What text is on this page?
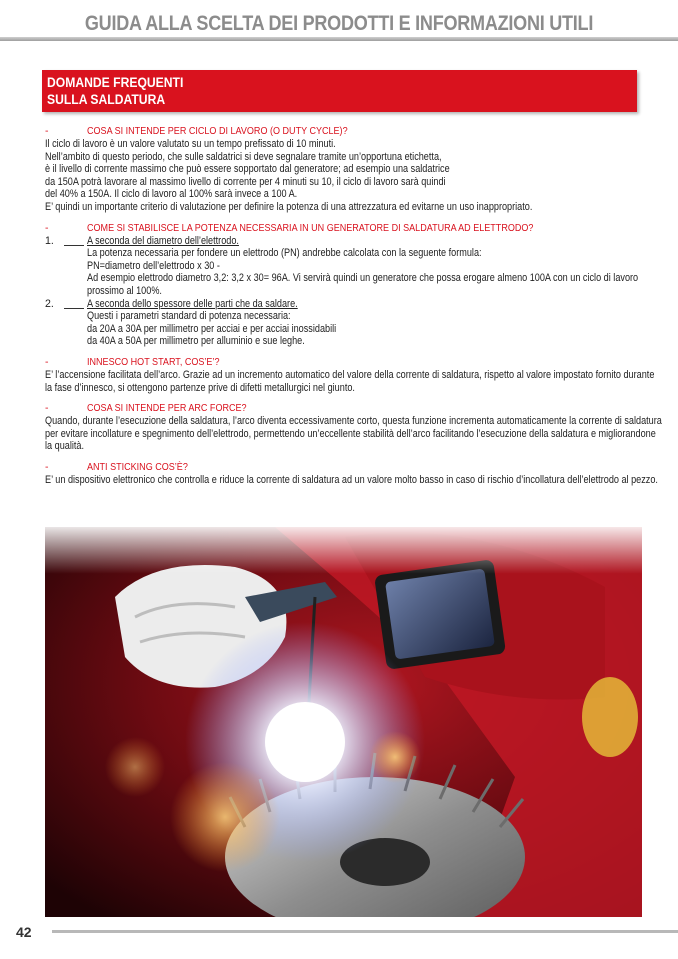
GUIDA ALLA SCELTA DEI PRODOTTI E INFORMAZIONI UTILI
DOMANDE FREQUENTI
SULLA SALDATURA
-	COSA SI INTENDE PER CICLO DI LAVORO (O DUTY CYCLE)?
Il ciclo di lavoro è un valore valutato su un tempo prefissato di 10 minuti.
Nell’ambito di questo periodo, che sulle saldatrici si deve segnalare tramite un’opportuna etichetta,
è il livello di corrente massimo che può essere sopportato dal generatore; ad esempio una saldatrice
da 150A potrà lavorare al massimo livello di corrente per 4 minuti su 10, il ciclo di lavoro sarà quindi
del 40% a 150A. Il ciclo di lavoro al 100% sarà invece a 100 A.
E’ quindi un importante criterio di valutazione per definire la potenza di una attrezzatura ed evitarne un uso inappropriato.
-	COME SI STABILISCE LA POTENZA NECESSARIA IN UN GENERATORE DI SALDATURA AD ELETTRODO?
1.	A seconda del diametro dell’elettrodo.
La potenza necessaria per fondere un elettrodo (PN) andrebbe calcolata con la seguente formula:
PN=diametro dell’elettrodo x 30 -
Ad esempio elettrodo diametro 3,2: 3,2 x 30= 96A. Vi servirà quindi un generatore che possa erogare almeno 100A con un ciclo di lavoro
prossimo al 100%.
2.	A seconda dello spessore delle parti che da saldare.
Questi i parametri standard di potenza necessaria:
da 20A a 30A per millimetro per acciai e per acciai inossidabili
da 40A a 50A per millimetro per alluminio e sue leghe.
-	INNESCO HOT START, COS’E’?
E’ l’accensione facilitata dell’arco. Grazie ad un incremento automatico del valore della corrente di saldatura, rispetto al valore impostato fornito durante
la fase d’innesco, si ottengono partenze prive di difetti metallurgici nel giunto.
-	COSA SI INTENDE PER ARC FORCE?
Quando, durante l’esecuzione della saldatura, l’arco diventa eccessivamente corto, questa funzione incrementa automaticamente la corrente di saldatura
per evitare incollature e spegnimento dell’elettrodo, permettendo un’eccellente stabilità dell’arco facilitando l’esecuzione della saldatura e migliorandone
la qualità.
-	ANTI STICKING COS’È?
E’ un dispositivo elettronico che controlla e riduce la corrente di saldatura ad un valore molto basso in caso di rischio d’incollatura dell’elettrodo al pezzo.
42
